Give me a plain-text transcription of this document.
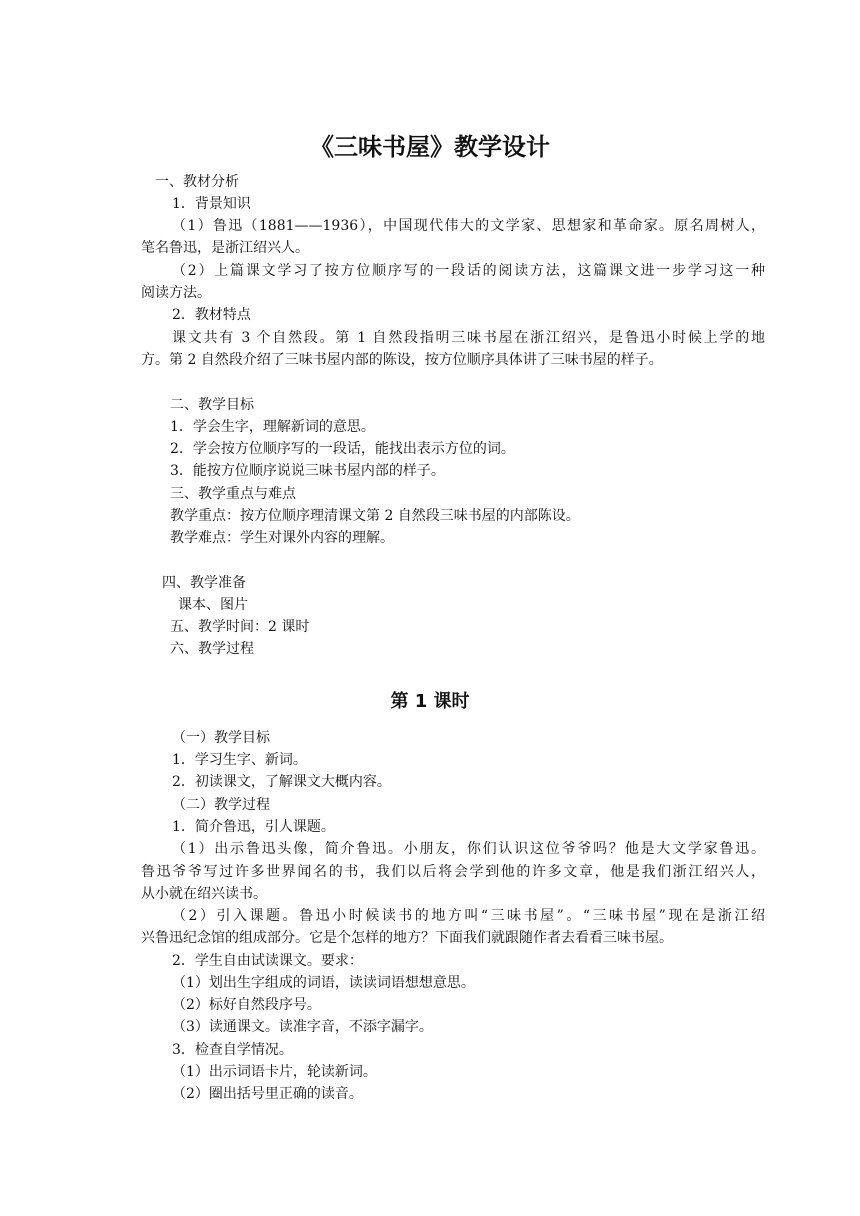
《三味书屋》教学设计
一、教材分析
1．背景知识
（1）鲁迅（1881——1936），中国现代伟大的文学家、思想家和革命家。原名周树人，
笔名鲁迅，是浙江绍兴人。
（2）上篇课文学习了按方位顺序写的一段话的阅读方法，这篇课文进一步学习这一种
阅读方法。
2．教材特点
课文共有 3 个自然段。第 1 自然段指明三味书屋在浙江绍兴，是鲁迅小时候上学的地
方。第 2 自然段介绍了三味书屋内部的陈设，按方位顺序具体讲了三味书屋的样子。
二、教学目标
1．学会生字，理解新词的意思。
2．学会按方位顺序写的一段话，能找出表示方位的词。
3．能按方位顺序说说三味书屋内部的样子。
三、教学重点与难点
教学重点：按方位顺序理清课文第 2 自然段三味书屋的内部陈设。
教学难点：学生对课外内容的理解。
四、教学准备
课本、图片
五、教学时间：2 课时
六、教学过程
第 1 课时
（一）教学目标
1．学习生字、新词。
2．初读课文，了解课文大概内容。
（二）教学过程
1．简介鲁迅，引人课题。
（1）出示鲁迅头像，简介鲁迅。小朋友，你们认识这位爷爷吗？他是大文学家鲁迅。
鲁迅爷爷写过许多世界闻名的书，我们以后将会学到他的许多文章，他是我们浙江绍兴人，
从小就在绍兴读书。
（2）引入课题。鲁迅小时候读书的地方叫“三味书屋”。“三味书屋”现在是浙江绍
兴鲁迅纪念馆的组成部分。它是个怎样的地方？下面我们就跟随作者去看看三味书屋。
2．学生自由试读课文。要求：
（1）划出生字组成的词语，读读词语想想意思。
（2）标好自然段序号。
（3）读通课文。读准字音，不添字漏字。
3．检查自学情况。
（1）出示词语卡片，轮读新词。
（2）圈出括号里正确的读音。
